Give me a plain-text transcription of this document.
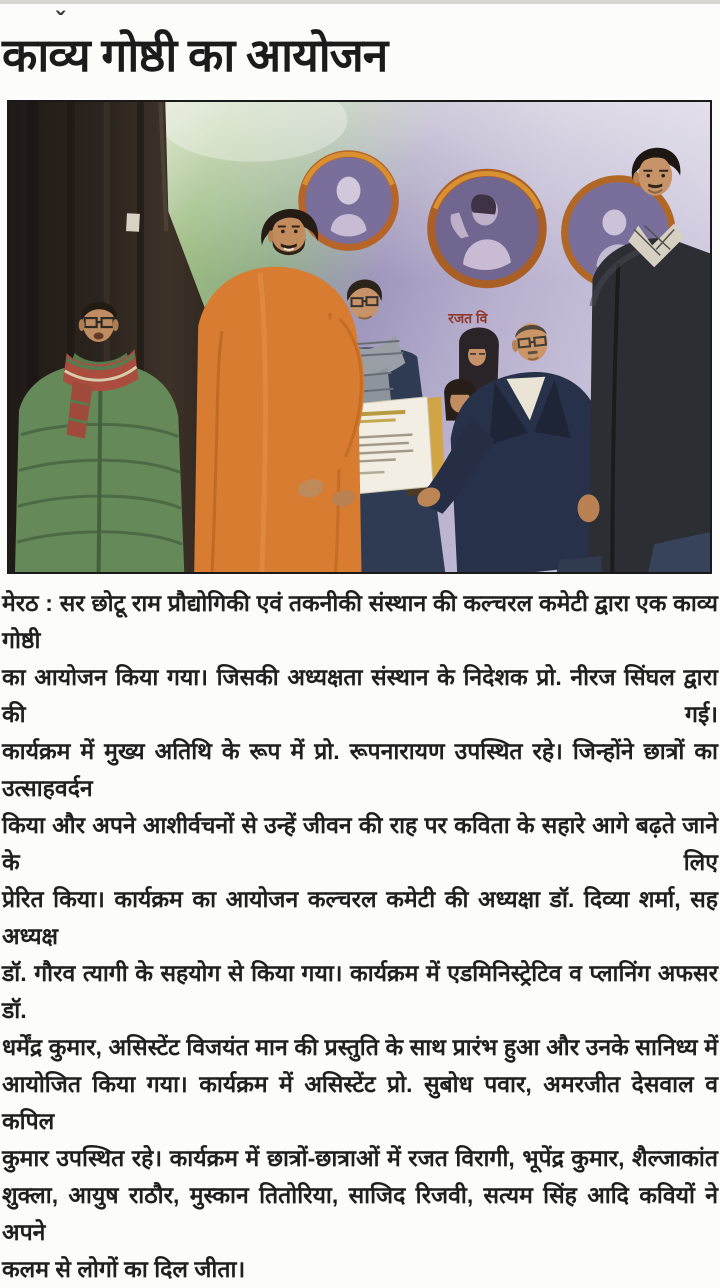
ˇ
काव्य गोष्ठी का आयोजन
रजत वि

मेरठ : सर छोटू राम प्रौद्योगिकी एवं तकनीकी संस्थान की कल्चरल कमेटी द्वारा एक काव्य गोष्ठी

का आयोजन किया गया। जिसकी अध्यक्षता संस्थान के निदेशक प्रो. नीरज सिंघल द्वारा की गई।

कार्यक्रम में मुख्य अतिथि के रूप में प्रो. रूपनारायण उपस्थित रहे। जिन्होंने छात्रों का उत्साहवर्दन

किया और अपने आशीर्वचनों से उन्हें जीवन की राह पर कविता के सहारे आगे बढ़ते जाने के लिए

प्रेरित किया। कार्यक्रम का आयोजन कल्चरल कमेटी की अध्यक्षा डॉ. दिव्या शर्मा, सह अध्यक्ष

डॉ. गौरव त्यागी के सहयोग से किया गया। कार्यक्रम में एडमिनिस्ट्रेटिव व प्लानिंग अफसर डॉ.

धर्मेंद्र कुमार, असिस्टेंट विजयंत मान की प्रस्तुति के साथ प्रारंभ हुआ और उनके सानिध्य में

आयोजित किया गया। कार्यक्रम में असिस्टेंट प्रो. सुबोध पवार, अमरजीत देसवाल व कपिल

कुमार उपस्थित रहे। कार्यक्रम में छात्रों-छात्राओं में रजत विरागी, भूपेंद्र कुमार, शैल्जाकांत

शुक्ला, आयुष राठौर, मुस्कान तितोरिया, साजिद रिजवी, सत्यम सिंह आदि कवियों ने अपने

कलम से लोगों का दिल जीता।
